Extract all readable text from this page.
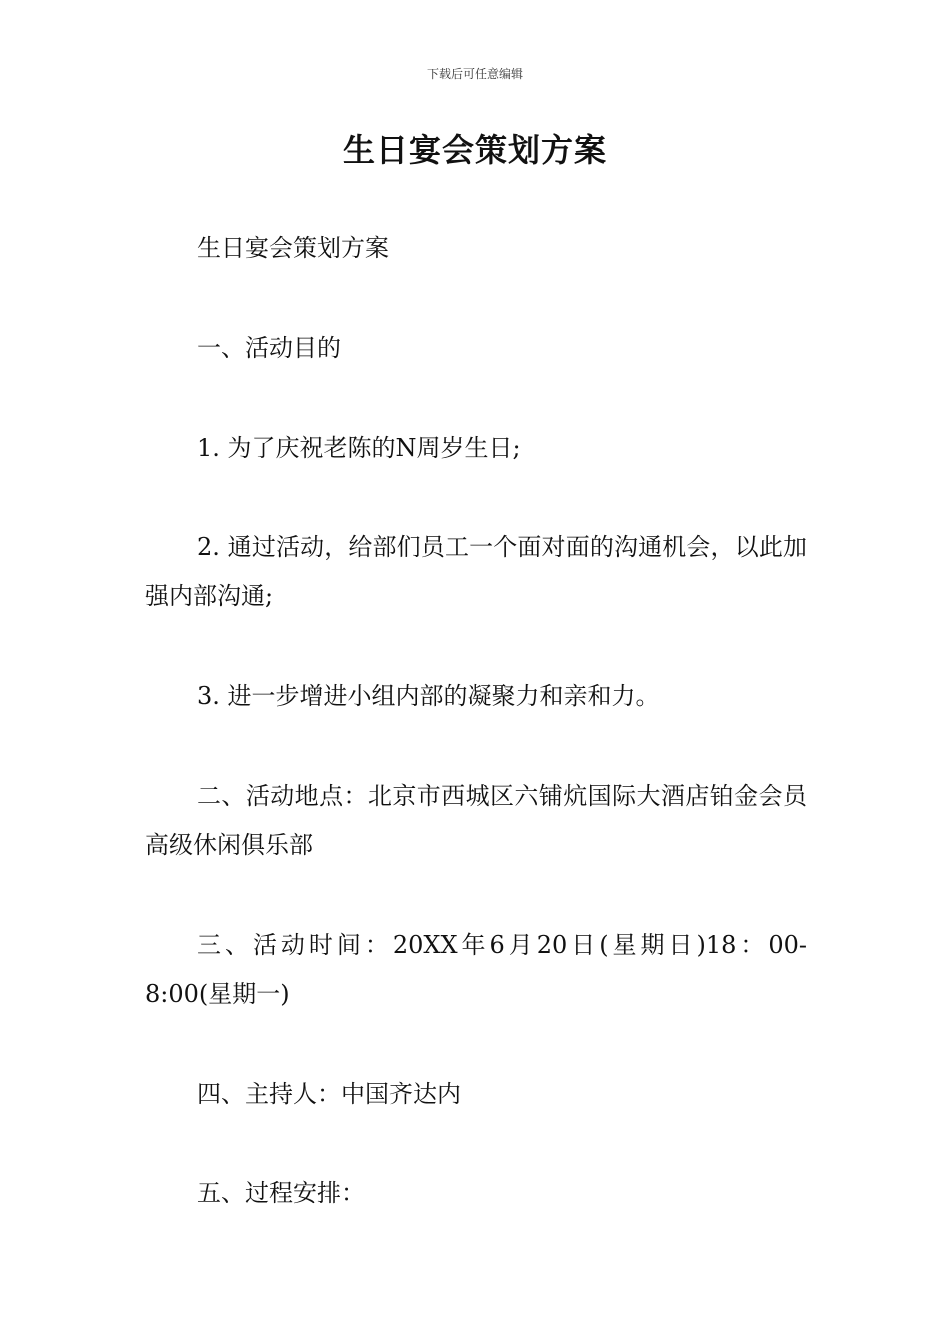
下载后可任意编辑
生日宴会策划方案

生日宴会策划方案

一、活动目的

1. 为了庆祝老陈的N周岁生日;

2. 通过活动，给部们员工一个面对面的沟通机会，以此加强内部沟通;

3. 进一步增进小组内部的凝聚力和亲和力。

二、活动地点：北京市西城区六铺炕国际大酒店铂金会员高级休闲俱乐部

三、活动时间：20XX年6月20日(星期日)18：00-8:00(星期一)

四、主持人：中国齐达内

五、过程安排：
